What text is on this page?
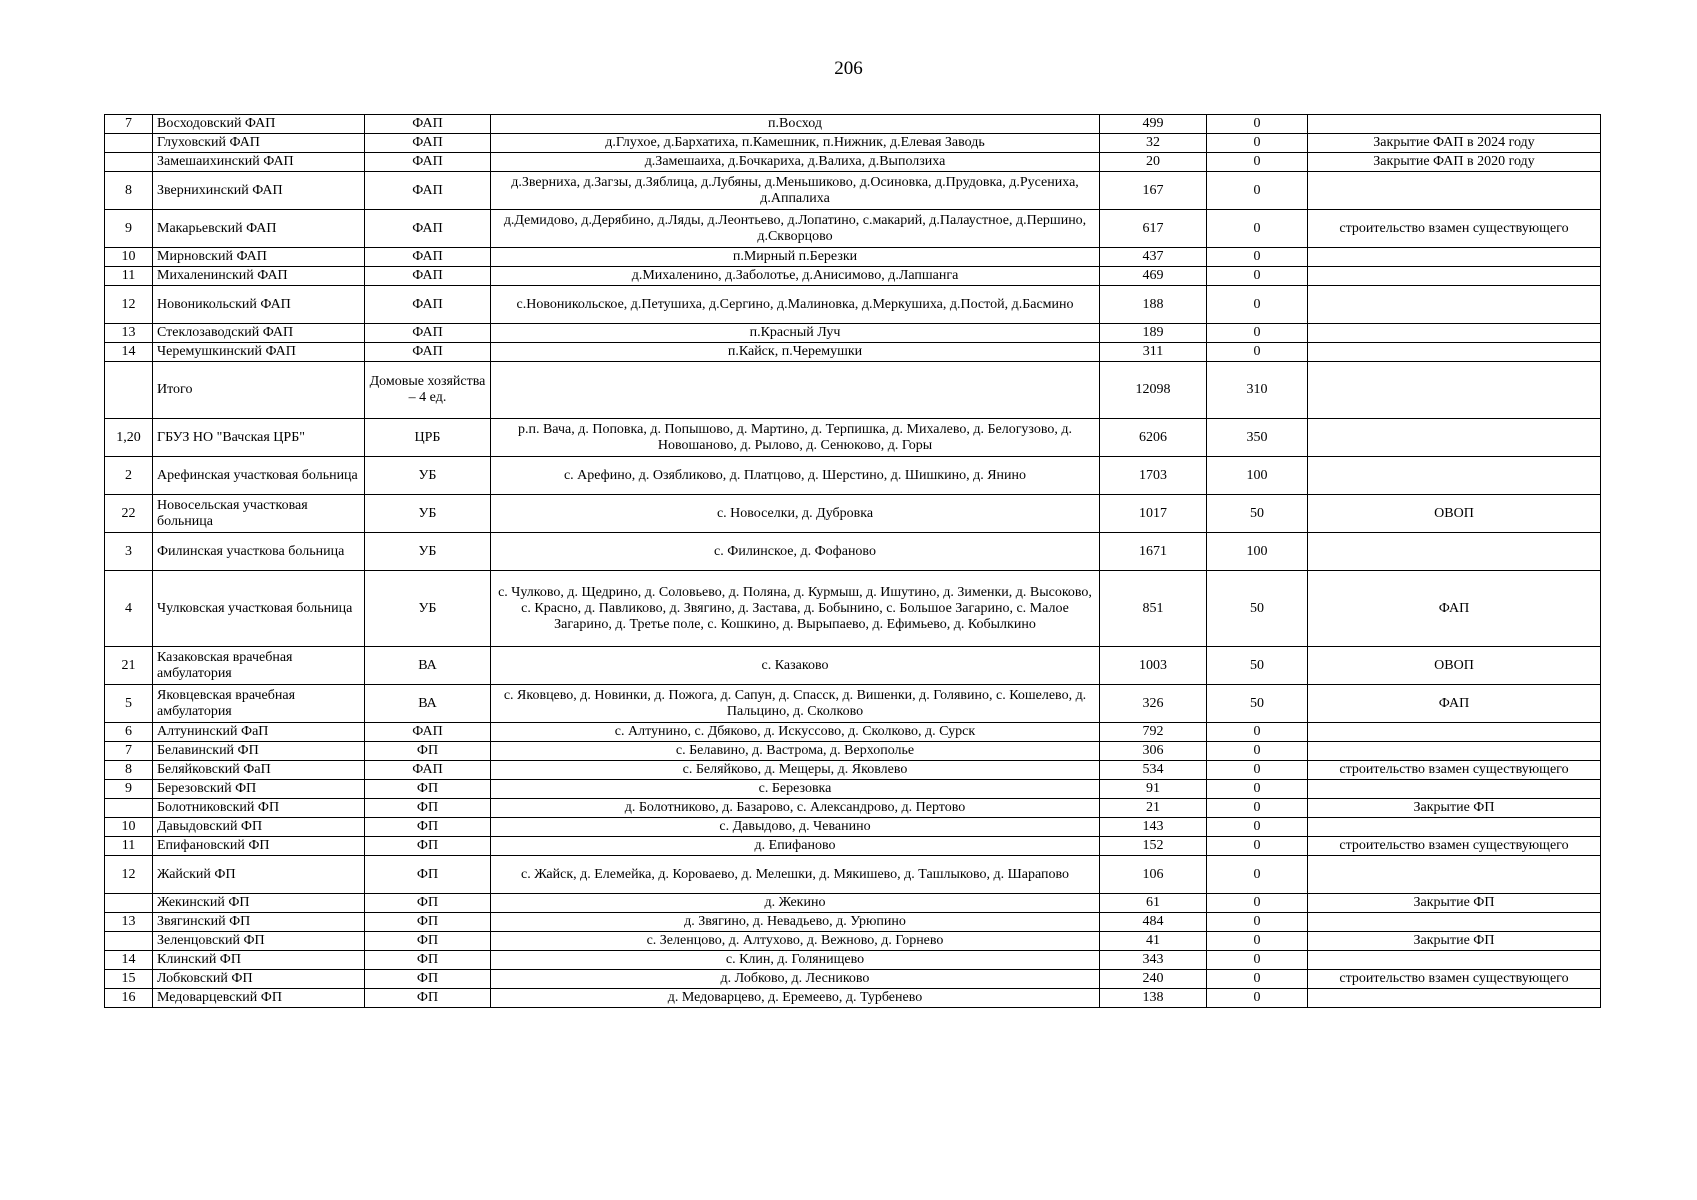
206
7	Восходовский ФАП	ФАП	п.Восход	499	0	
	Глуховский ФАП	ФАП	д.Глухое, д.Бархатиха, п.Камешник, п.Нижник, д.Елевая Заводь	32	0	Закрытие ФАП в 2024 году
	Замешаихинский ФАП	ФАП	д.Замешаиха, д.Бочкариха, д.Валиха, д.Выползиха	20	0	Закрытие ФАП в 2020 году
8	Звернихинский ФАП	ФАП	д.Зверниха, д.Загзы, д.Зяблица, д.Лубяны, д.Меньшиково, д.Осиновка, д.Прудовка, д.Русениха, д.Аппалиха	167	0	
9	Макарьевский ФАП	ФАП	д.Демидово, д.Дерябино, д.Ляды, д.Леонтьево, д.Лопатино, с.макарий, д.Палаустное, д.Першино, д.Скворцово	617	0	строительство взамен существующего
10	Мирновский ФАП	ФАП	п.Мирный п.Березки	437	0	
11	Михаленинский ФАП	ФАП	д.Михаленино, д.Заболотье, д.Анисимово, д.Лапшанга	469	0	
12	Новоникольский ФАП	ФАП	с.Новоникольское, д.Петушиха, д.Сергино, д.Малиновка, д.Меркушиха, д.Постой, д.Басмино	188	0	
13	Стеклозаводский ФАП	ФАП	п.Красный Луч	189	0	
14	Черемушкинский ФАП	ФАП	п.Кайск, п.Черемушки	311	0	
	Итого	Домовые хозяйства – 4 ед.		12098	310	
1,20	ГБУЗ НО "Вачская ЦРБ"	ЦРБ	р.п. Вача, д. Поповка, д. Попышово, д. Мартино, д. Терпишка, д. Михалево, д. Белогузово, д. Новошаново, д. Рылово, д. Сенюково, д. Горы	6206	350	
2	Арефинская участковая больница	УБ	с. Арефино, д. Озябликово, д. Платцово, д. Шерстино, д. Шишкино, д. Янино	1703	100	
22	Новосельская участковая больница	УБ	с. Новоселки, д. Дубровка	1017	50	ОВОП
3	Филинская участкова больница	УБ	с. Филинское, д. Фофаново	1671	100	
4	Чулковская участковая больница	УБ	с. Чулково, д. Щедрино, д. Соловьево, д. Поляна, д. Курмыш, д. Ишутино, д. Зименки, д. Высоково, с. Красно, д. Павликово, д. Звягино, д. Застава, д. Бобынино, с. Большое Загарино, с. Малое Загарино, д. Третье поле, с. Кошкино, д. Вырыпаево, д. Ефимьево, д. Кобылкино	851	50	ФАП
21	Казаковская врачебная амбулатория	ВА	с. Казаково	1003	50	ОВОП
5	Яковцевская врачебная амбулатория	ВА	с. Яковцево, д. Новинки, д. Пожога, д. Сапун, д. Спасск, д. Вишенки, д. Голявино, с. Кошелево, д. Пальцино, д. Сколково	326	50	ФАП
6	Алтунинский ФаП	ФАП	с. Алтунино, с. Дбяково, д. Искуссово, д. Сколково, д. Сурск	792	0	
7	Белавинский ФП	ФП	с. Белавино, д. Вастрома, д. Верхополье	306	0	
8	Беляйковский ФаП	ФАП	с. Беляйково, д. Мещеры, д. Яковлево	534	0	строительство взамен существующего
9	Березовский ФП	ФП	с. Березовка	91	0	
	Болотниковский ФП	ФП	д. Болотниково, д. Базарово, с. Александрово, д. Пертово	21	0	Закрытие ФП
10	Давыдовский ФП	ФП	с. Давыдово, д. Чеванино	143	0	
11	Епифановский ФП	ФП	д. Епифаново	152	0	строительство взамен существующего
12	Жайский ФП	ФП	с. Жайск, д. Елемейка, д. Короваево, д. Мелешки, д. Мякишево, д. Ташлыково, д. Шарапово	106	0	
	Жекинский ФП	ФП	д. Жекино	61	0	Закрытие ФП
13	Звягинский ФП	ФП	д. Звягино, д. Невадьево, д. Урюпино	484	0	
	Зеленцовский ФП	ФП	с. Зеленцово, д. Алтухово, д. Вежново, д. Горнево	41	0	Закрытие ФП
14	Клинский ФП	ФП	с. Клин, д. Голянищево	343	0	
15	Лобковский ФП	ФП	д. Лобково, д. Лесниково	240	0	строительство взамен существующего
16	Медоварцевский ФП	ФП	д. Медоварцево, д. Еремеево, д. Турбенево	138	0	
